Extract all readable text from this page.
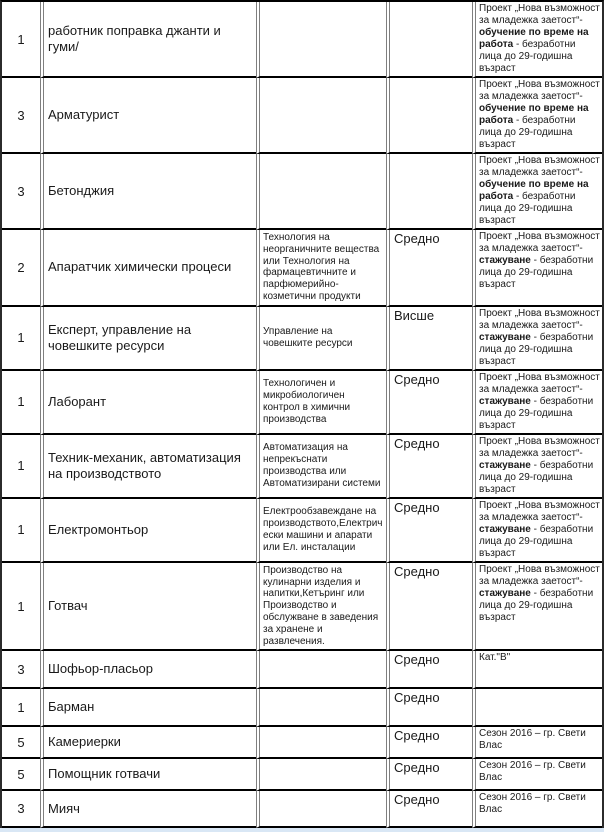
1	работник поправка джанти и гуми/			Проект „Нова възможност за младежка заетост“- обучение по време на работа - безработни лица до 29-годишна възраст
3	Арматурист			Проект „Нова възможност за младежка заетост“- обучение по време на работа - безработни лица до 29-годишна възраст
3	Бетонджия			Проект „Нова възможност за младежка заетост“- обучение по време на работа - безработни лица до 29-годишна възраст
2	Апаратчик химически процеси	Технология на неорганичните вещества или Технология на фармацевтичните и парфюмерийно-козметични продукти	Средно	Проект „Нова възможност за младежка заетост“- стажуване - безработни лица до 29-годишна възраст
1	Експерт, управление на човешките ресурси	Управление на човешките ресурси	Висше	Проект „Нова възможност за младежка заетост“- стажуване - безработни лица до 29-годишна възраст
1	Лаборант	Технологичен и микробиологичен контрол в химични производства	Средно	Проект „Нова възможност за младежка заетост“- стажуване - безработни лица до 29-годишна възраст
1	Техник-механик, автоматизация на производството	Автоматизация на непрекъснати производства или Автоматизирани системи	Средно	Проект „Нова възможност за младежка заетост“- стажуване - безработни лица до 29-годишна възраст
1	Електромонтьор	Електрообзавеждане на производството,Електрически машини и апарати или Ел. инсталации	Средно	Проект „Нова възможност за младежка заетост“- стажуване - безработни лица до 29-годишна възраст
1	Готвач	Производство на кулинарни изделия и напитки,Кетъринг или Производство и обслужване в заведения за хранене и развлечения.	Средно	Проект „Нова възможност за младежка заетост“- стажуване - безработни лица до 29-годишна възраст
3	Шофьор-пласьор		Средно	Кат."В"
1	Барман		Средно	
5	Камериерки		Средно	Сезон 2016 – гр. Свети Влас
5	Помощник готвачи		Средно	Сезон 2016 – гр. Свети Влас
3	Мияч		Средно	Сезон 2016 – гр. Свети Влас
